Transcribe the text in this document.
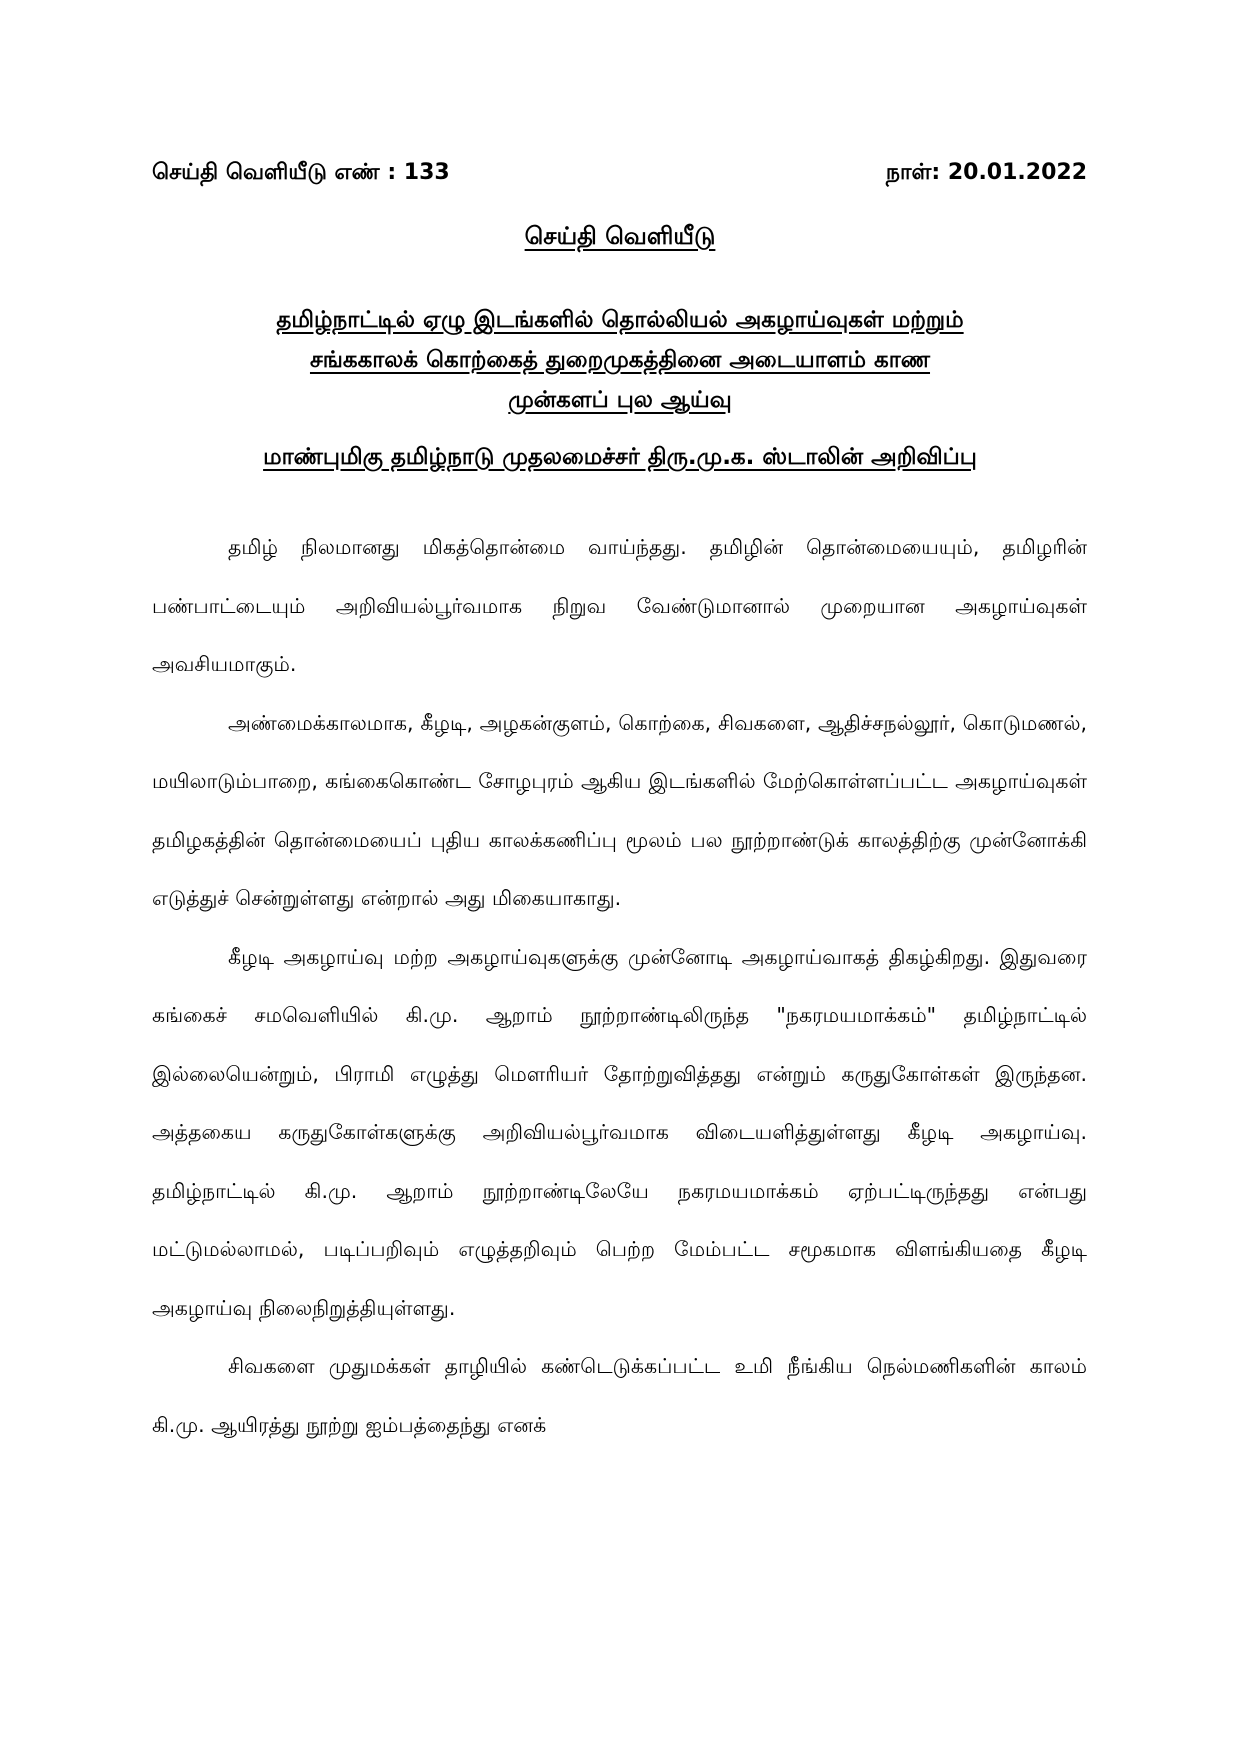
செய்தி வெளியீடு எண் : 133	நாள்: 20.01.2022
செய்தி வெளியீடு
தமிழ்நாட்டில் ஏழு இடங்களில் தொல்லியல் அகழாய்வுகள் மற்றும்
சங்ககாலக் கொற்கைத் துறைமுகத்தினை அடையாளம் காண
முன்களப் புல ஆய்வு
மாண்புமிகு தமிழ்நாடு முதலமைச்சர் திரு.மு.க. ஸ்டாலின் அறிவிப்பு

தமிழ் நிலமானது மிகத்தொன்மை வாய்ந்தது. தமிழின் தொன்மையையும், தமிழரின் பண்பாட்டையும் அறிவியல்பூர்வமாக நிறுவ வேண்டுமானால் முறையான அகழாய்வுகள் அவசியமாகும்.

அண்மைக்காலமாக, கீழடி, அழகன்குளம், கொற்கை, சிவகளை, ஆதிச்சநல்லூர், கொடுமணல், மயிலாடும்பாறை, கங்கைகொண்ட சோழபுரம் ஆகிய இடங்களில் மேற்கொள்ளப்பட்ட அகழாய்வுகள் தமிழகத்தின் தொன்மையைப் புதிய காலக்கணிப்பு மூலம் பல நூற்றாண்டுக் காலத்திற்கு முன்னோக்கி எடுத்துச் சென்றுள்ளது என்றால் அது மிகையாகாது.

கீழடி அகழாய்வு மற்ற அகழாய்வுகளுக்கு முன்னோடி அகழாய்வாகத் திகழ்கிறது. இதுவரை கங்கைச் சமவெளியில் கி.மு. ஆறாம் நூற்றாண்டிலிருந்த "நகரமயமாக்கம்" தமிழ்நாட்டில் இல்லையென்றும், பிராமி எழுத்து மௌரியர் தோற்றுவித்தது என்றும் கருதுகோள்கள் இருந்தன. அத்தகைய கருதுகோள்களுக்கு அறிவியல்பூர்வமாக விடையளித்துள்ளது கீழடி அகழாய்வு. தமிழ்நாட்டில் கி.மு. ஆறாம் நூற்றாண்டிலேயே நகரமயமாக்கம் ஏற்பட்டிருந்தது என்பது மட்டுமல்லாமல், படிப்பறிவும் எழுத்தறிவும் பெற்ற மேம்பட்ட சமூகமாக விளங்கியதை கீழடி அகழாய்வு நிலைநிறுத்தியுள்ளது.

சிவகளை முதுமக்கள் தாழியில் கண்டெடுக்கப்பட்ட உமி நீங்கிய நெல்மணிகளின் காலம் கி.மு. ஆயிரத்து நூற்று ஐம்பத்தைந்து எனக்
